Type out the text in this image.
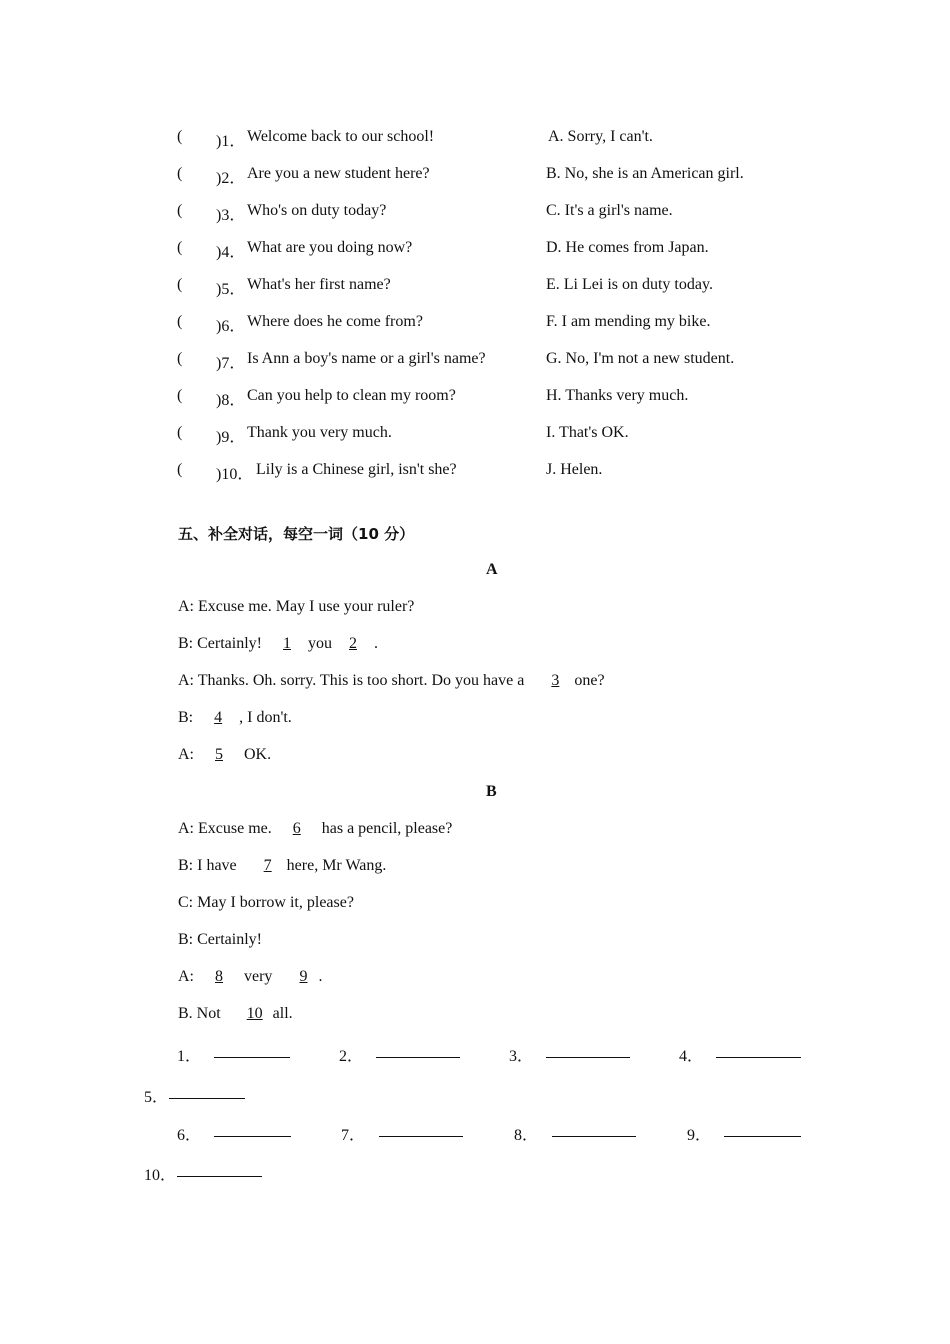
( )1． Welcome back to our school!	A. Sorry, I can't.
( )2． Are you a new student here?	B. No, she is an American girl.
( )3． Who's on duty today?	C. It's a girl's name.
( )4． What are you doing now?	D. He comes from Japan.
( )5． What's her first name?	E. Li Lei is on duty today.
( )6． Where does he come from?	F. I am mending my bike.
( )7． Is Ann a boy's name or a girl's name?	G. No, I'm not a new student.
( )8． Can you help to clean my room?	H. Thanks very much.
( )9． Thank you very much.	I. That's OK.
( )10． Lily is a Chinese girl, isn't she?	J. Helen.
五、补全对话，每空一词（10 分）
A
A: Excuse me. May I use your ruler?
B: Certainly! 1 you 2 .
A: Thanks. Oh. sorry. This is too short. Do you have a 3 one?
B: 4 , I don't.
A: 5 OK.
B
A: Excuse me. 6 has a pencil, please?
B: I have 7 here, Mr Wang.
C: May I borrow it, please?
B: Certainly!
A: 8 very 9 .
B. Not 10 all.
1．	2．	3．	4．
5．
6．	7．	8．	9．
10．
